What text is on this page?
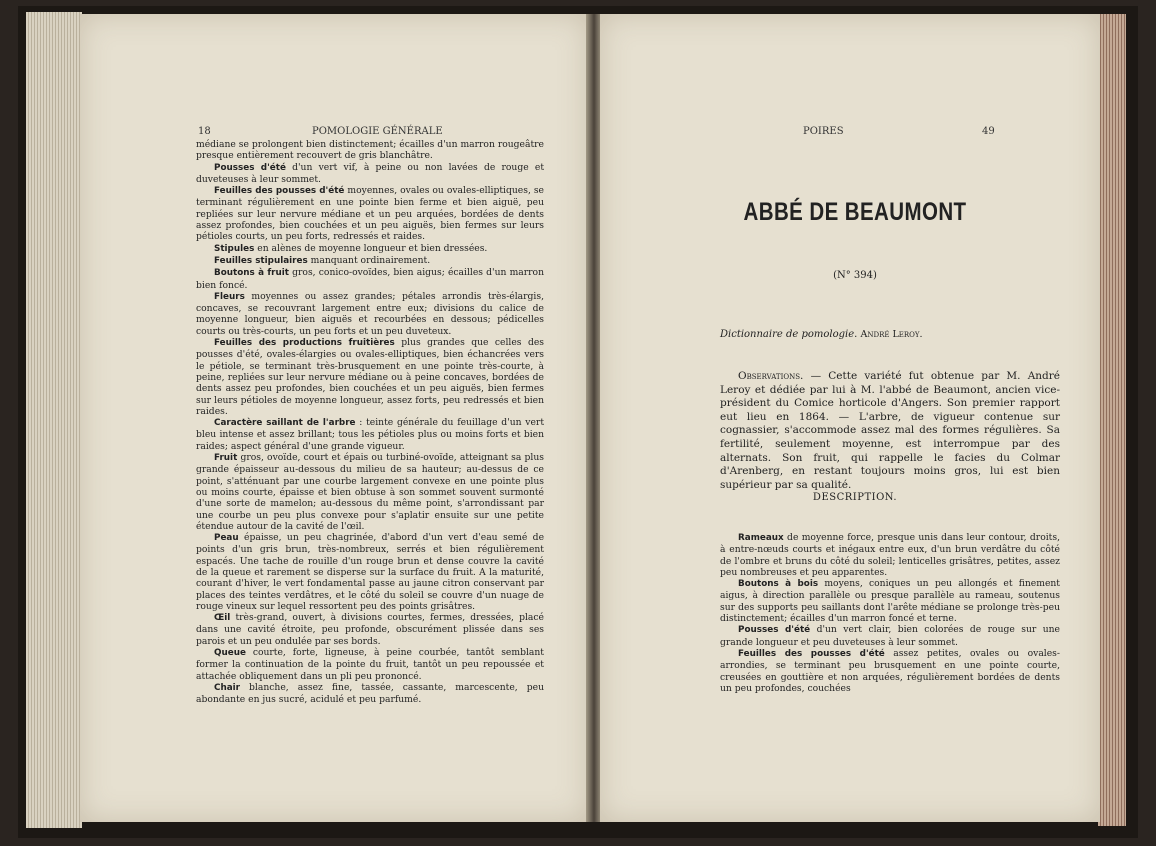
18	POMOLOGIE GÉNÉRALE

médiane se prolongent bien distinctement; écailles d'un marron rougeâtre presque entièrement recouvert de gris blanchâtre.

Pousses d'été d'un vert vif, à peine ou non lavées de rouge et duveteuses à leur sommet.

Feuilles des pousses d'été moyennes, ovales ou ovales-elliptiques, se terminant régulièrement en une pointe bien ferme et bien aiguë, peu repliées sur leur nervure médiane et un peu arquées, bordées de dents assez profondes, bien couchées et un peu aiguës, bien fermes sur leurs pétioles courts, un peu forts, redressés et raides.

Stipules en alènes de moyenne longueur et bien dressées.

Feuilles stipulaires manquant ordinairement.

Boutons à fruit gros, conico-ovoïdes, bien aigus; écailles d'un marron bien foncé.

Fleurs moyennes ou assez grandes; pétales arrondis très-élargis, concaves, se recouvrant largement entre eux; divisions du calice de moyenne longueur, bien aiguës et recourbées en dessous; pédicelles courts ou très-courts, un peu forts et un peu duveteux.

Feuilles des productions fruitières plus grandes que celles des pousses d'été, ovales-élargies ou ovales-elliptiques, bien échancrées vers le pétiole, se terminant très-brusquement en une pointe très-courte, à peine, repliées sur leur nervure médiane ou à peine concaves, bordées de dents assez peu profondes, bien couchées et un peu aiguës, bien fermes sur leurs pétioles de moyenne longueur, assez forts, peu redressés et bien raides.

Caractère saillant de l'arbre : teinte générale du feuillage d'un vert bleu intense et assez brillant; tous les pétioles plus ou moins forts et bien raides; aspect général d'une grande vigueur.

Fruit gros, ovoïde, court et épais ou turbiné-ovoïde, atteignant sa plus grande épaisseur au-dessous du milieu de sa hauteur; au-dessus de ce point, s'atténuant par une courbe largement convexe en une pointe plus ou moins courte, épaisse et bien obtuse à son sommet souvent surmonté d'une sorte de mamelon; au-dessous du même point, s'arrondissant par une courbe un peu plus convexe pour s'aplatir ensuite sur une petite étendue autour de la cavité de l'œil.

Peau épaisse, un peu chagrinée, d'abord d'un vert d'eau semé de points d'un gris brun, très-nombreux, serrés et bien régulièrement espacés. Une tache de rouille d'un rouge brun et dense couvre la cavité de la queue et rarement se disperse sur la surface du fruit. A la maturité, courant d'hiver, le vert fondamental passe au jaune citron conservant par places des teintes verdâtres, et le côté du soleil se couvre d'un nuage de rouge vineux sur lequel ressortent peu des points grisâtres.

Œil très-grand, ouvert, à divisions courtes, fermes, dressées, placé dans une cavité étroite, peu profonde, obscurément plissée dans ses parois et un peu ondulée par ses bords.

Queue courte, forte, ligneuse, à peine courbée, tantôt semblant former la continuation de la pointe du fruit, tantôt un peu repoussée et attachée obliquement dans un pli peu prononcé.

Chair blanche, assez fine, tassée, cassante, marcescente, peu abondante en jus sucré, acidulé et peu parfumé.

POIRES	49
ABBÉ DE BEAUMONT
(N° 394)
Dictionnaire de pomologie. André Leroy.

Observations. — Cette variété fut obtenue par M. André Leroy et dédiée par lui à M. l'abbé de Beaumont, ancien vice-président du Comice horticole d'Angers. Son premier rapport eut lieu en 1864. — L'arbre, de vigueur contenue sur cognassier, s'accommode assez mal des formes régulières. Sa fertilité, seulement moyenne, est interrompue par des alternats. Son fruit, qui rappelle le facies du Colmar d'Arenberg, en restant toujours moins gros, lui est bien supérieur par sa qualité.

DESCRIPTION.

Rameaux de moyenne force, presque unis dans leur contour, droits, à entre-nœuds courts et inégaux entre eux, d'un brun verdâtre du côté de l'ombre et bruns du côté du soleil; lenticelles grisâtres, petites, assez peu nombreuses et peu apparentes.

Boutons à bois moyens, coniques un peu allongés et finement aigus, à direction parallèle ou presque parallèle au rameau, soutenus sur des supports peu saillants dont l'arête médiane se prolonge très-peu distinctement; écailles d'un marron foncé et terne.

Pousses d'été d'un vert clair, bien colorées de rouge sur une grande longueur et peu duveteuses à leur sommet.

Feuilles des pousses d'été assez petites, ovales ou ovales-arrondies, se terminant peu brusquement en une pointe courte, creusées en gouttière et non arquées, régulièrement bordées de dents un peu profondes, couchées
